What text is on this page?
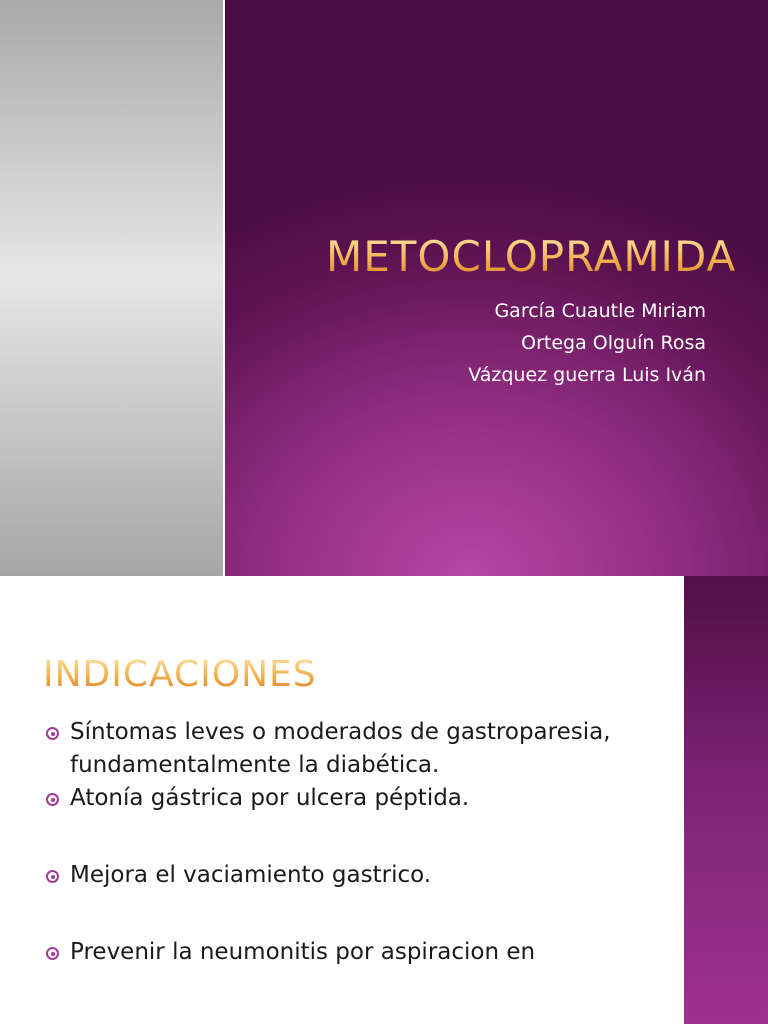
METOCLOPRAMIDA
García Cuautle Miriam
Ortega Olguín Rosa
Vázquez guerra Luis Iván
INDICACIONES
Síntomas leves o moderados de gastroparesia, fundamentalmente la diabética.
Atonía gástrica por ulcera péptida.
Mejora el vaciamiento gastrico.
Prevenir la neumonitis por aspiracion en
